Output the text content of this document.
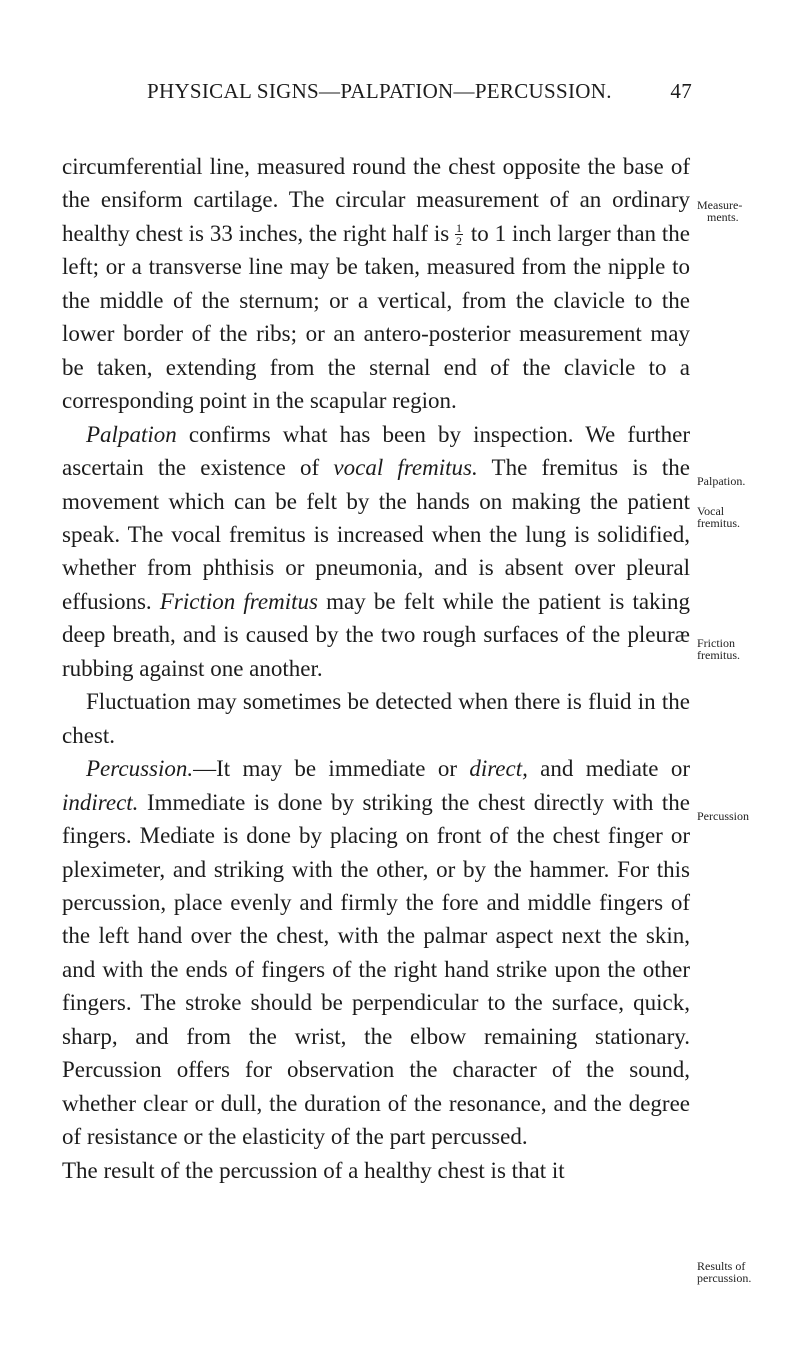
PHYSICAL SIGNS—PALPATION—PERCUSSION.	47

circumferential line, measured round the chest opposite the base of the ensiform cartilage. The circular measurement of an ordinary healthy chest is 33 inches, the right half is $\frac{1}{2}$ to 1 inch larger than the left; or a transverse line may be taken, measured from the nipple to the middle of the sternum; or a vertical, from the clavicle to the lower border of the ribs; or an antero-posterior measurement may be taken, extending from the sternal end of the clavicle to a corresponding point in the scapular region.

Palpation confirms what has been by inspection. We further ascertain the existence of vocal fremitus. The fremitus is the movement which can be felt by the hands on making the patient speak. The vocal fremitus is increased when the lung is solidified, whether from phthisis or pneumonia, and is absent over pleural effusions. Friction fremitus may be felt while the patient is taking deep breath, and is caused by the two rough surfaces of the pleuræ rubbing against one another.

Fluctuation may sometimes be detected when there is fluid in the chest.

Percussion.—It may be immediate or direct, and mediate or indirect. Immediate is done by striking the chest directly with the fingers. Mediate is done by placing on front of the chest finger or pleximeter, and striking with the other, or by the hammer. For this percussion, place evenly and firmly the fore and middle fingers of the left hand over the chest, with the palmar aspect next the skin, and with the ends of fingers of the right hand strike upon the other fingers. The stroke should be perpendicular to the surface, quick, sharp, and from the wrist, the elbow remaining stationary. Percussion offers for observation the character of the sound, whether clear or dull, the duration of the resonance, and the degree of resistance or the elasticity of the part percussed.

The result of the percussion of a healthy chest is that it

Measure-
ments.
Palpation.
Vocal
fremitus.
Friction
fremitus.
Percussion
Results of
percussion.
